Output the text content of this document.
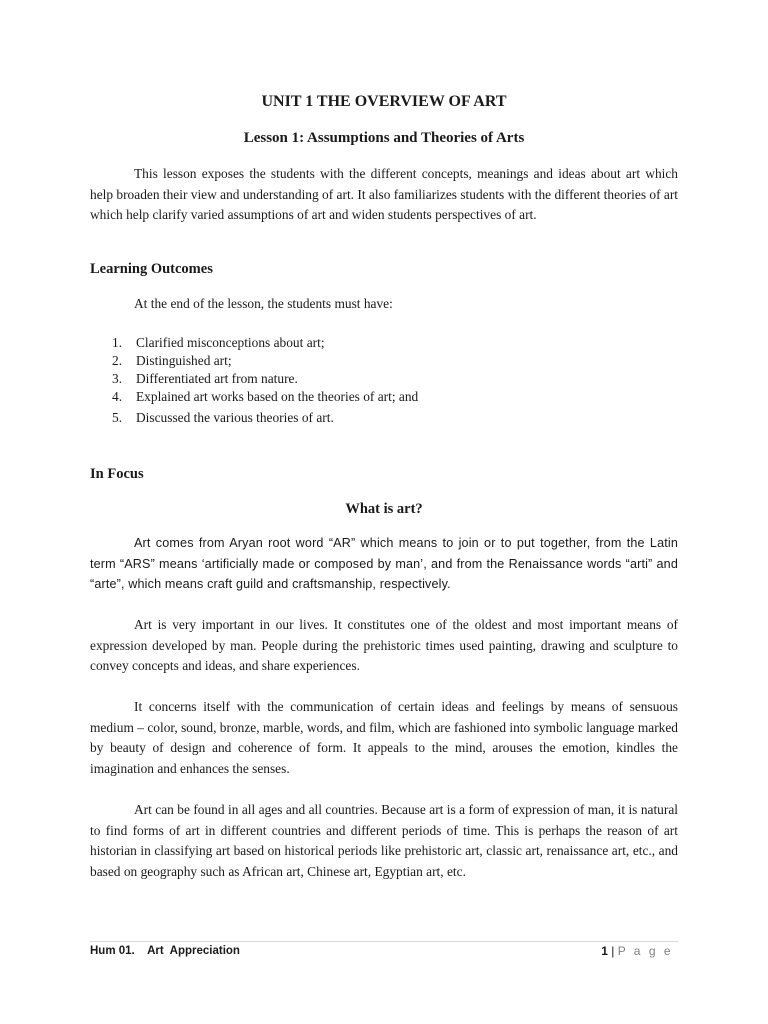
UNIT 1 THE OVERVIEW OF ART
Lesson 1: Assumptions and Theories of Arts

This lesson exposes the students with the different concepts, meanings and ideas about art which help broaden their view and understanding of art. It also familiarizes students with the different theories of art which help clarify varied assumptions of art and widen students perspectives of art.

Learning Outcomes
At the end of the lesson, the students must have:
1. Clarified misconceptions about art;
2. Distinguished art;
3. Differentiated art from nature.
4. Explained art works based on the theories of art; and
5. Discussed the various theories of art.
In Focus
What is art?

Art comes from Aryan root word “AR” which means to join or to put together, from the Latin term “ARS” means ‘artificially made or composed by man’, and from the Renaissance words “arti” and “arte”, which means craft guild and craftsmanship, respectively.

Art is very important in our lives. It constitutes one of the oldest and most important means of expression developed by man. People during the prehistoric times used painting, drawing and sculpture to convey concepts and ideas, and share experiences.

It concerns itself with the communication of certain ideas and feelings by means of sensuous medium – color, sound, bronze, marble, words, and film, which are fashioned into symbolic language marked by beauty of design and coherence of form. It appeals to the mind, arouses the emotion, kindles the imagination and enhances the senses.

Art can be found in all ages and all countries. Because art is a form of expression of man, it is natural to find forms of art in different countries and different periods of time. This is perhaps the reason of art historian in classifying art based on historical periods like prehistoric art, classic art, renaissance art, etc., and based on geography such as African art, Chinese art, Egyptian art, etc.

Hum 01.    Art  Appreciation	1 | P a g e
